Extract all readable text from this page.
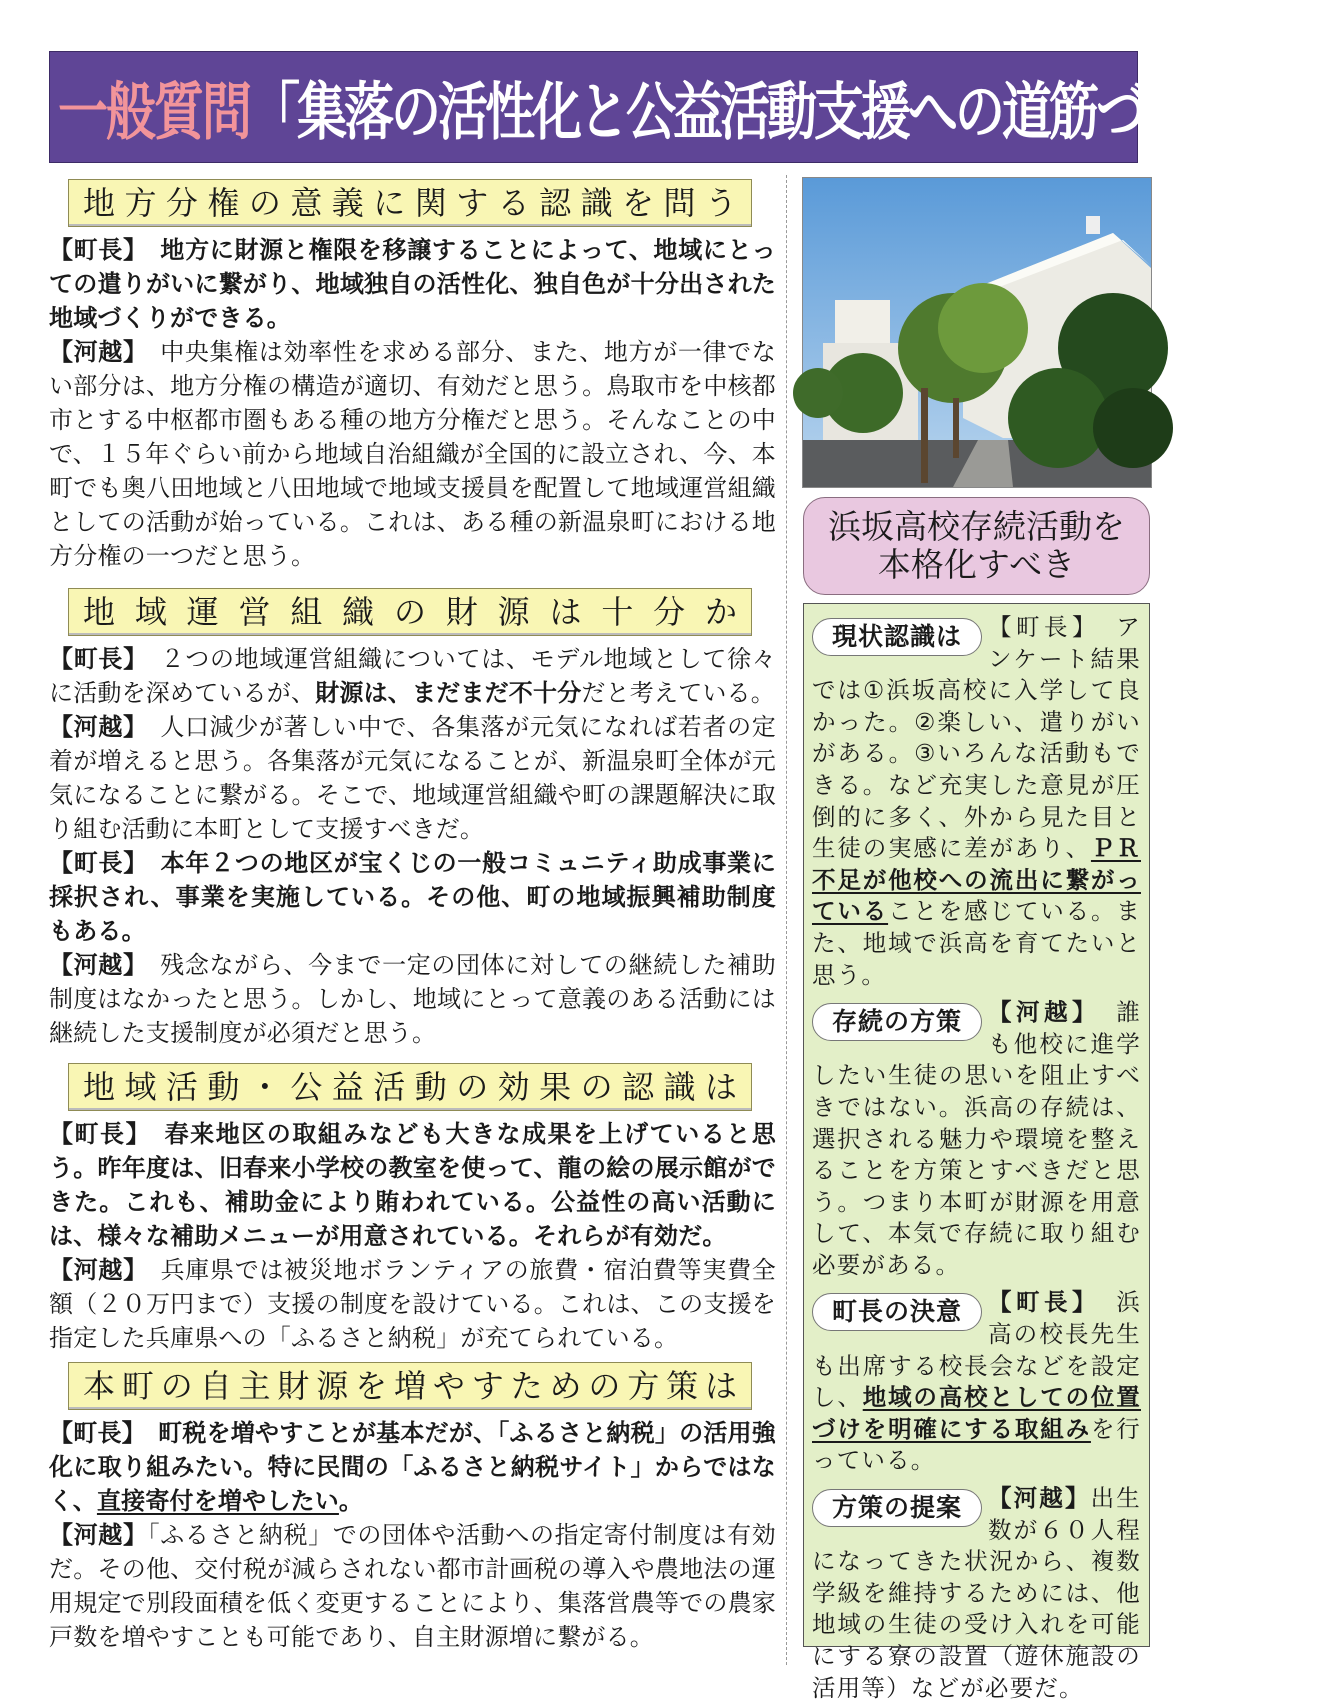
一般質問 「集落の活性化と公益活動支援への道筋づくりへ」
地方分権の意義に関する認識を問う

【町長】　地方に財源と権限を移譲することによって、地域にとっての遣りがいに繋がり、地域独自の活性化、独自色が十分出された地域づくりができる。

【河越】　中央集権は効率性を求める部分、また、地方が一律でない部分は、地方分権の構造が適切、有効だと思う。鳥取市を中核都市とする中枢都市圏もある種の地方分権だと思う。そんなことの中で、１５年ぐらい前から地域自治組織が全国的に設立され、今、本町でも奥八田地域と八田地域で地域支援員を配置して地域運営組織としての活動が始っている。これは、ある種の新温泉町における地方分権の一つだと思う。

地域運営組織の財源は十分か

【町長】　２つの地域運営組織については、モデル地域として徐々に活動を深めているが、財源は、まだまだ不十分だと考えている。

【河越】　人口減少が著しい中で、各集落が元気になれば若者の定着が増えると思う。各集落が元気になることが、新温泉町全体が元気になることに繋がる。そこで、地域運営組織や町の課題解決に取り組む活動に本町として支援すべきだ。

【町長】　本年２つの地区が宝くじの一般コミュニティ助成事業に採択され、事業を実施している。その他、町の地域振興補助制度もある。

【河越】　残念ながら、今まで一定の団体に対しての継続した補助制度はなかったと思う。しかし、地域にとって意義のある活動には継続した支援制度が必須だと思う。

地域活動・公益活動の効果の認識は

【町長】　春来地区の取組みなども大きな成果を上げていると思う。昨年度は、旧春来小学校の教室を使って、龍の絵の展示館ができた。これも、補助金により賄われている。公益性の高い活動には、様々な補助メニューが用意されている。それらが有効だ。

【河越】　兵庫県では被災地ボランティアの旅費・宿泊費等実費全額（２０万円まで）支援の制度を設けている。これは、この支援を指定した兵庫県への「ふるさと納税」が充てられている。

本町の自主財源を増やすための方策は

【町長】　町税を増やすことが基本だが、「ふるさと納税」の活用強化に取り組みたい。特に民間の「ふるさと納税サイト」からではなく、直接寄付を増やしたい。

【河越】「ふるさと納税」での団体や活動への指定寄付制度は有効だ。その他、交付税が減らされない都市計画税の導入や農地法の運用規定で別段面積を低く変更することにより、集落営農等での農家戸数を増やすことも可能であり、自主財源増に繋がる。

浜坂高校存続活動を
本格化すべき

現状認識は	【町長】　アンケート結果では①浜坂高校に入学して良かった。②楽しい、遣りがいがある。③いろんな活動もできる。など充実した意見が圧倒的に多く、外から見た目と生徒の実感に差があり、ＰＲ不足が他校への流出に繋がっていることを感じている。また、地域で浜高を育てたいと思う。

存続の方策	【河越】　誰も他校に進学したい生徒の思いを阻止すべきではない。浜高の存続は、選択される魅力や環境を整えることを方策とすべきだと思う。つまり本町が財源を用意して、本気で存続に取り組む必要がある。

町長の決意	【町長】　浜高の校長先生も出席する校長会などを設定し、地域の高校としての位置づけを明確にする取組みを行っている。

方策の提案	【河越】出生数が６０人程になってきた状況から、複数学級を維持するためには、他地域の生徒の受け入れを可能にする寮の設置（遊休施設の活用等）などが必要だ。
